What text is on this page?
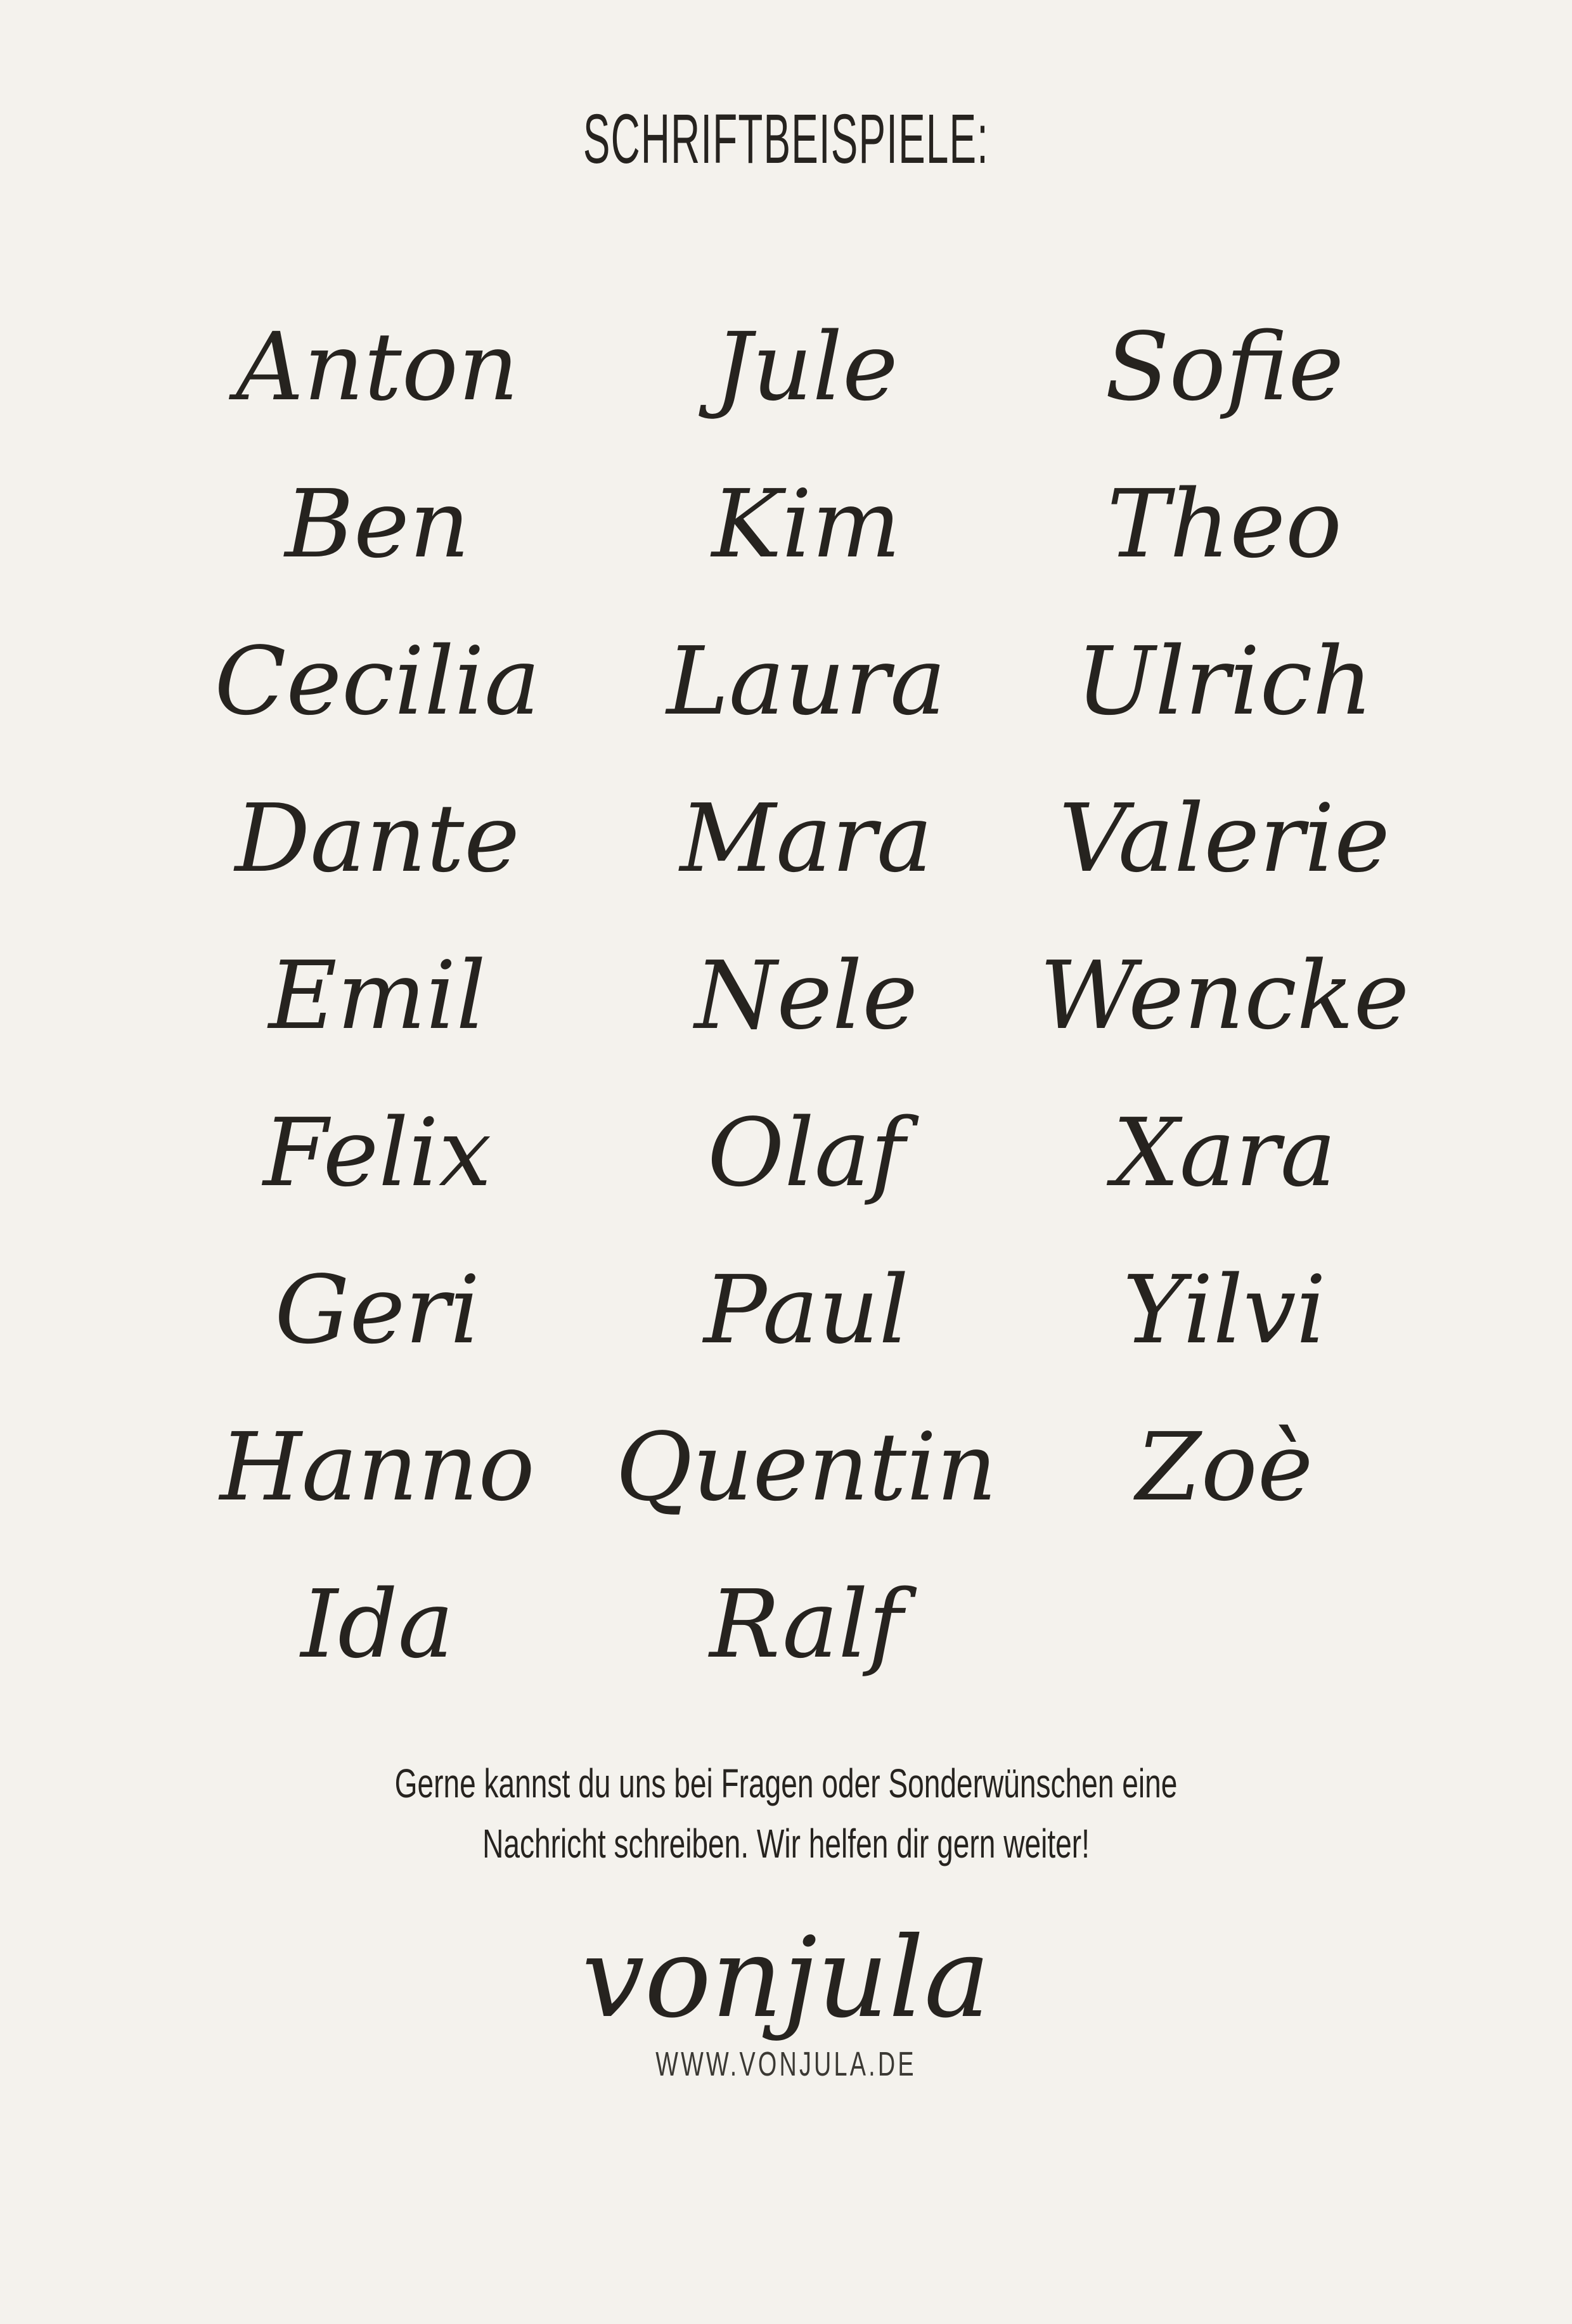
SCHRIFTBEISPIELE:
Anton
Ben
Cecilia
Dante
Emil
Felix
Geri
Hanno
Ida
Jule
Kim
Laura
Mara
Nele
Olaf
Paul
Quentin
Ralf
Sofie
Theo
Ulrich
Valerie
Wencke
Xara
Yilvi
Zoè
Gerne kannst du uns bei Fragen oder Sonderwünschen eine
Nachricht schreiben. Wir helfen dir gern weiter!
vonjula
WWW.VONJULA.DE
